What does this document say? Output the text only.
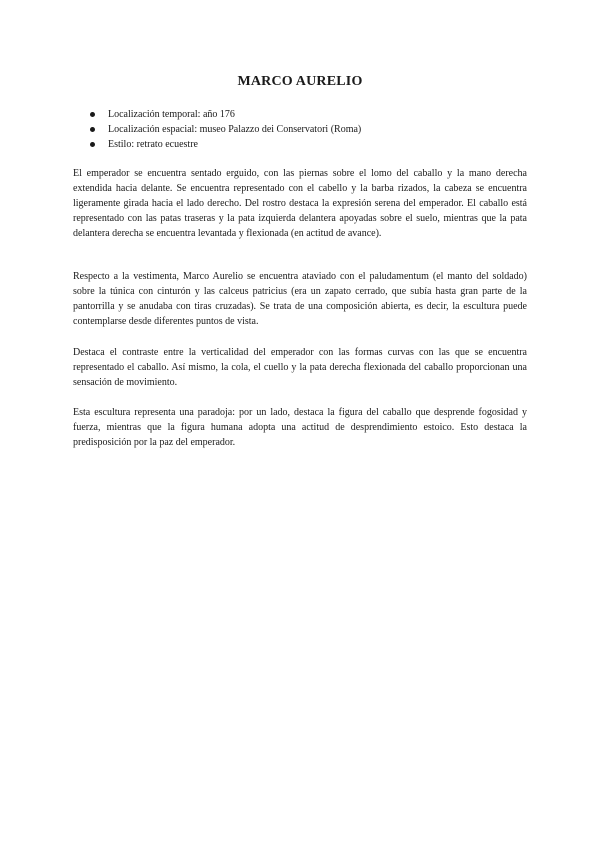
MARCO AURELIO
Localización temporal: año 176
Localización espacial: museo Palazzo dei Conservatori (Roma)
Estilo: retrato ecuestre

El emperador se encuentra sentado erguido, con las piernas sobre el lomo del caballo y la mano derecha extendida hacia delante. Se encuentra representado con el cabello y la barba rizados, la cabeza se encuentra ligeramente girada hacia el lado derecho. Del rostro destaca la expresión serena del emperador. El caballo está representado con las patas traseras y la pata izquierda delantera apoyadas sobre el suelo, mientras que la pata delantera derecha se encuentra levantada y flexionada (en actitud de avance).

Respecto a la vestimenta, Marco Aurelio se encuentra ataviado con el paludamentum (el manto del soldado) sobre la túnica con cinturón y las calceus patricius (era un zapato cerrado, que subía hasta gran parte de la pantorrilla y se anudaba con tiras cruzadas). Se trata de una composición abierta, es decir, la escultura puede contemplarse desde diferentes puntos de vista.

Destaca el contraste entre la verticalidad del emperador con las formas curvas con las que se encuentra representado el caballo. Así mismo, la cola, el cuello y la pata derecha flexionada del caballo proporcionan una sensación de movimiento.

Esta escultura representa una paradoja: por un lado, destaca la figura del caballo que desprende fogosidad y fuerza, mientras que la figura humana adopta una actitud de desprendimiento estoico. Esto destaca la predisposición por la paz del emperador.
